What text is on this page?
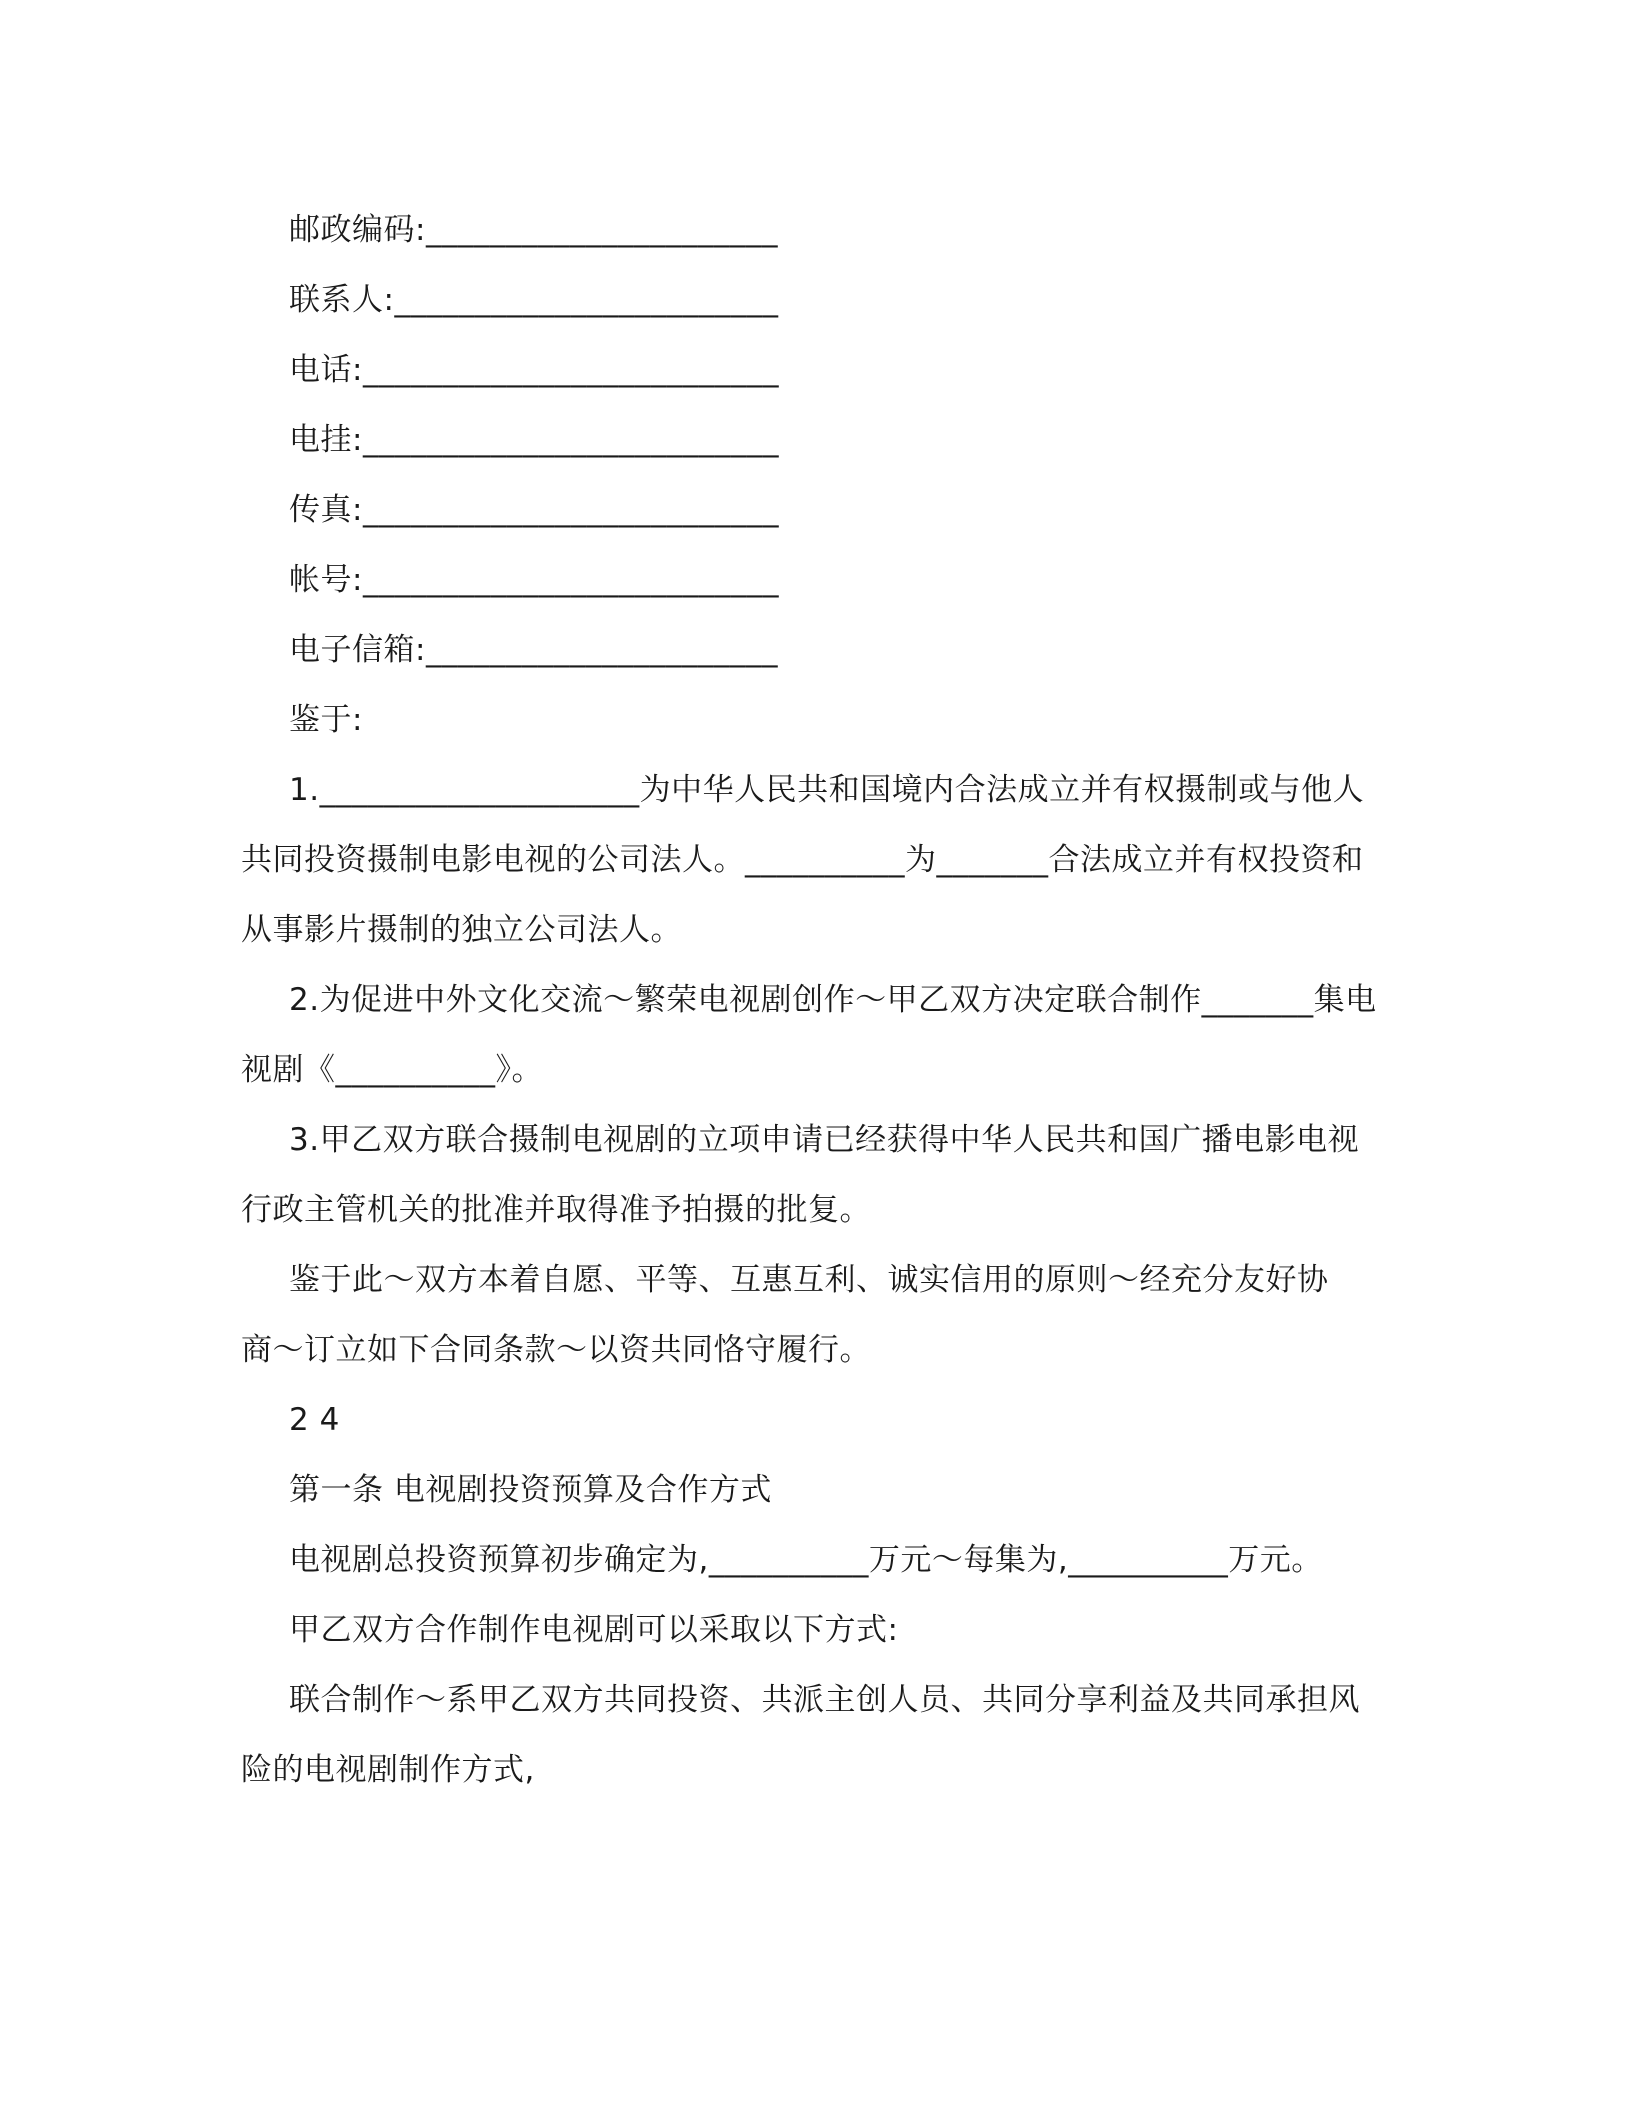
邮政编码:______________________
联系人:________________________
电话:__________________________
电挂:__________________________
传真:__________________________
帐号:__________________________
电子信箱:______________________
鉴于:
1.____________________为中华人民共和国境内合法成立并有权摄制或与他人共同投资摄制电影电视的公司法人。__________为_______合法成立并有权投资和从事影片摄制的独立公司法人。
2.为促进中外文化交流～繁荣电视剧创作～甲乙双方决定联合制作_______集电视剧《__________》。
3.甲乙双方联合摄制电视剧的立项申请已经获得中华人民共和国广播电影电视行政主管机关的批准并取得准予拍摄的批复。
鉴于此～双方本着自愿、平等、互惠互利、诚实信用的原则～经充分友好协商～订立如下合同条款～以资共同恪守履行。
2 4
第一条 电视剧投资预算及合作方式
电视剧总投资预算初步确定为,__________万元～每集为,__________万元。
甲乙双方合作制作电视剧可以采取以下方式:
联合制作～系甲乙双方共同投资、共派主创人员、共同分享利益及共同承担风险的电视剧制作方式,
